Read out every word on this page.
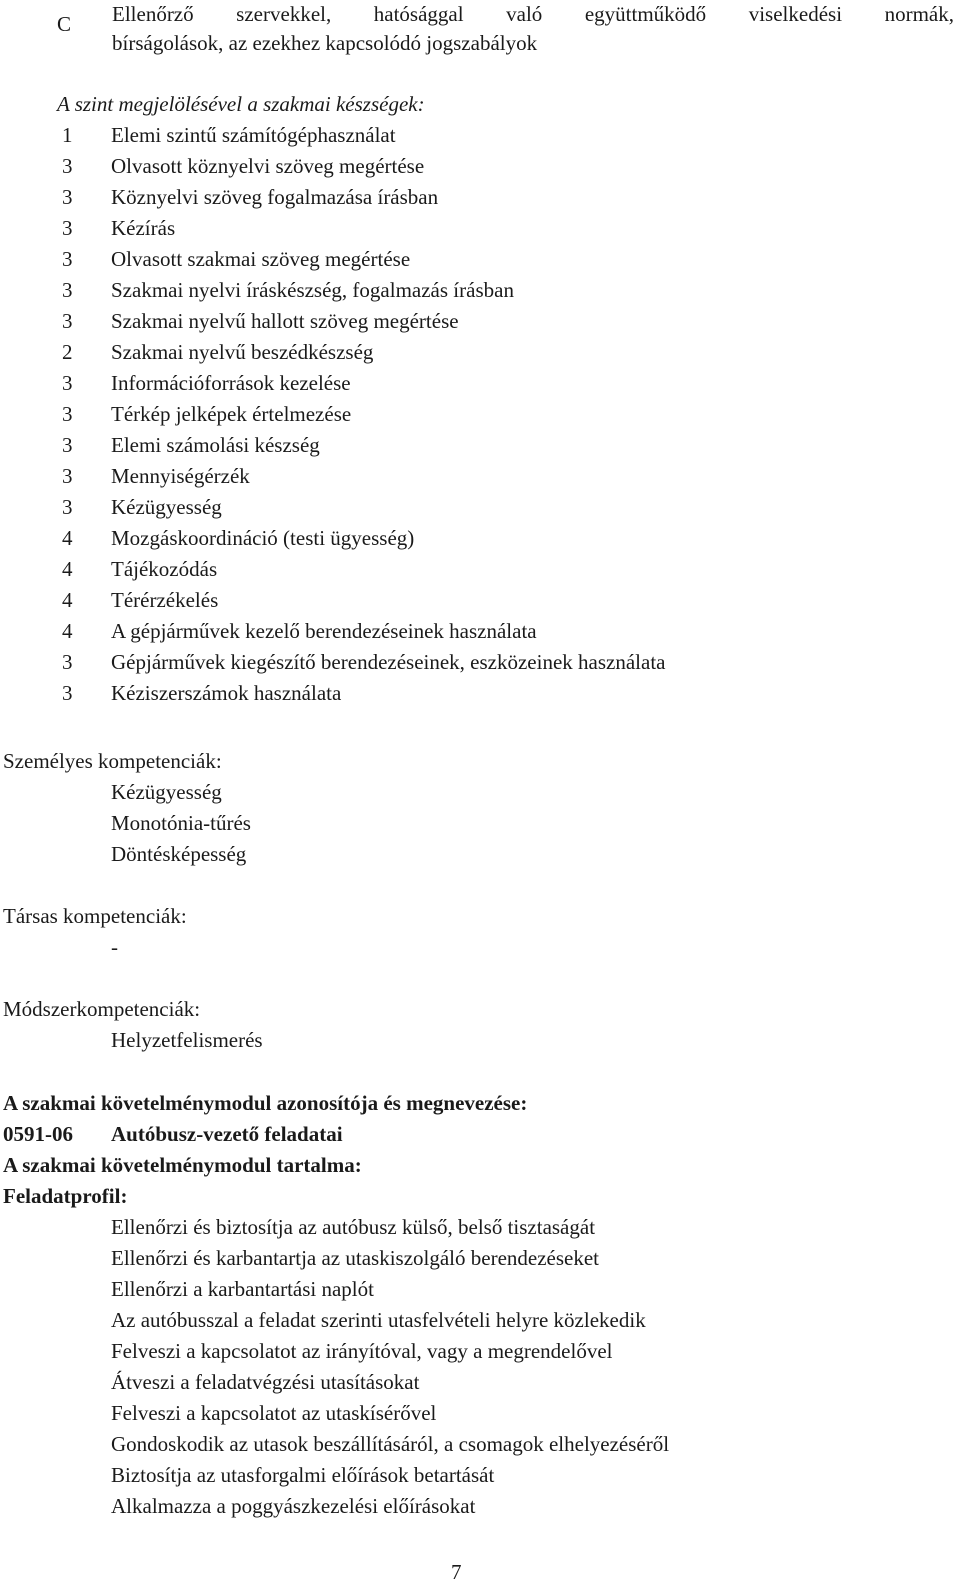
C Ellenőrző szervekkel, hatósággal való együttműködő viselkedési normák,
bírságolások, az ezekhez kapcsolódó jogszabályok
A szint megjelölésével a szakmai készségek:
1 Elemi szintű számítógéphasználat
3 Olvasott köznyelvi szöveg megértése
3 Köznyelvi szöveg fogalmazása írásban
3 Kézírás
3 Olvasott szakmai szöveg megértése
3 Szakmai nyelvi íráskészség, fogalmazás írásban
3 Szakmai nyelvű hallott szöveg megértése
2 Szakmai nyelvű beszédkészség
3 Információforrások kezelése
3 Térkép jelképek értelmezése
3 Elemi számolási készség
3 Mennyiségérzék
3 Kézügyesség
4 Mozgáskoordináció (testi ügyesség)
4 Tájékozódás
4 Térérzékelés
4 A gépjárművek kezelő berendezéseinek használata
3 Gépjárművek kiegészítő berendezéseinek, eszközeinek használata
3 Kéziszerszámok használata
Személyes kompetenciák:
Kézügyesség
Monotónia-tűrés
Döntésképesség
Társas kompetenciák:
-
Módszerkompetenciák:
Helyzetfelismerés
A szakmai követelménymodul azonosítója és megnevezése:
0591-06 Autóbusz-vezető feladatai
A szakmai követelménymodul tartalma:
Feladatprofil:
Ellenőrzi és biztosítja az autóbusz külső, belső tisztaságát
Ellenőrzi és karbantartja az utaskiszolgáló berendezéseket
Ellenőrzi a karbantartási naplót
Az autóbusszal a feladat szerinti utasfelvételi helyre közlekedik
Felveszi a kapcsolatot az irányítóval, vagy a megrendelővel
Átveszi a feladatvégzési utasításokat
Felveszi a kapcsolatot az utaskísérővel
Gondoskodik az utasok beszállításáról, a csomagok elhelyezéséről
Biztosítja az utasforgalmi előírások betartását
Alkalmazza a poggyászkezelési előírásokat
7
